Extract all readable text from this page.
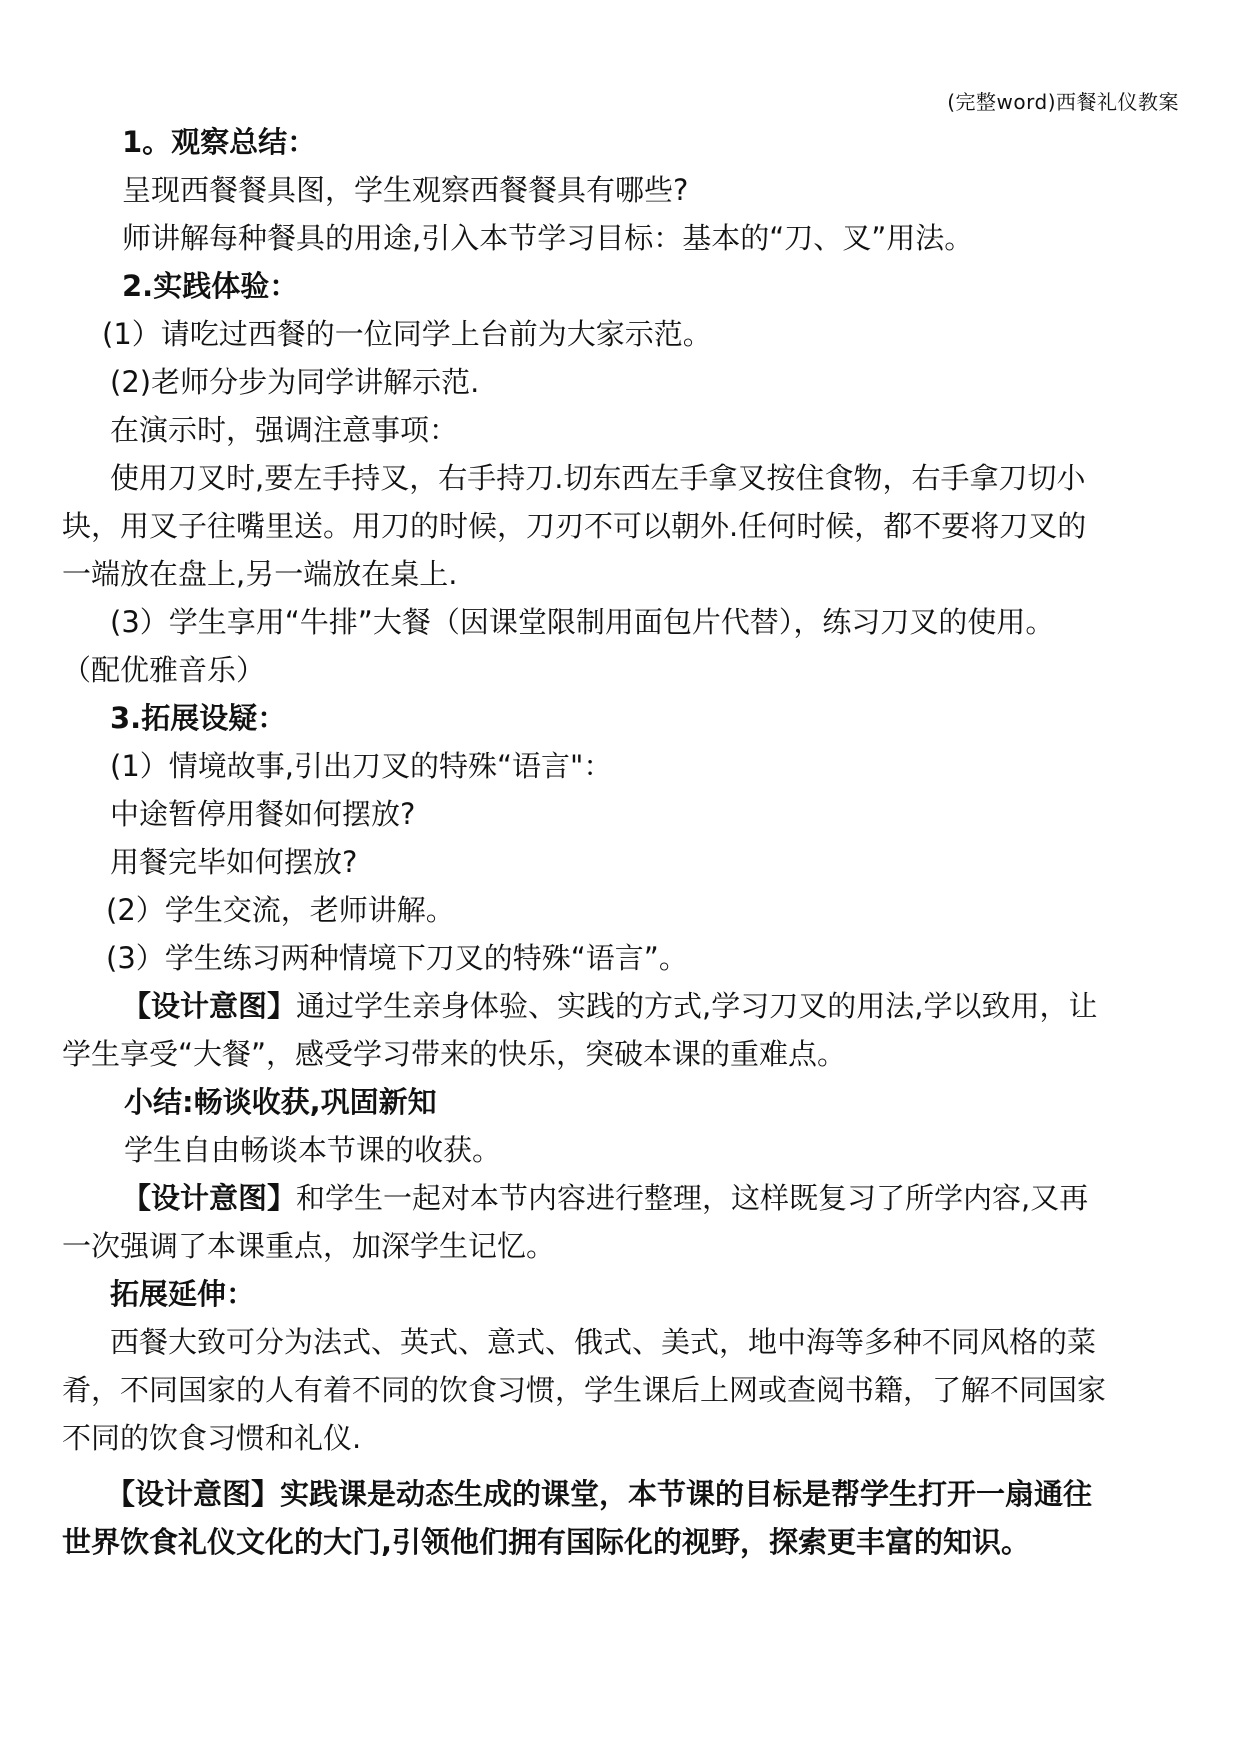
(完整word)西餐礼仪教案

1。观察总结：

呈现西餐餐具图，学生观察西餐餐具有哪些?

师讲解每种餐具的用途,引入本节学习目标：基本的“刀、叉”用法。

2.实践体验：

(1）请吃过西餐的一位同学上台前为大家示范。

(2)老师分步为同学讲解示范.

在演示时，强调注意事项：

使用刀叉时,要左手持叉，右手持刀.切东西左手拿叉按住食物，右手拿刀切小

块，用叉子往嘴里送。用刀的时候，刀刃不可以朝外.任何时候，都不要将刀叉的

一端放在盘上,另一端放在桌上.

(3）学生享用“牛排”大餐（因课堂限制用面包片代替），练习刀叉的使用。

（配优雅音乐）

3.拓展设疑：

(1）情境故事,引出刀叉的特殊“语言"：

中途暂停用餐如何摆放?

用餐完毕如何摆放?

(2）学生交流，老师讲解。

(3）学生练习两种情境下刀叉的特殊“语言”。

【设计意图】通过学生亲身体验、实践的方式,学习刀叉的用法,学以致用，让

学生享受“大餐”，感受学习带来的快乐，突破本课的重难点。

小结:畅谈收获,巩固新知

学生自由畅谈本节课的收获。

【设计意图】和学生一起对本节内容进行整理，这样既复习了所学内容,又再

一次强调了本课重点，加深学生记忆。

拓展延伸：

西餐大致可分为法式、英式、意式、俄式、美式，地中海等多种不同风格的菜

肴，不同国家的人有着不同的饮食习惯，学生课后上网或查阅书籍，了解不同国家

不同的饮食习惯和礼仪.

【设计意图】实践课是动态生成的课堂，本节课的目标是帮学生打开一扇通往

世界饮食礼仪文化的大门,引领他们拥有国际化的视野，探索更丰富的知识。
